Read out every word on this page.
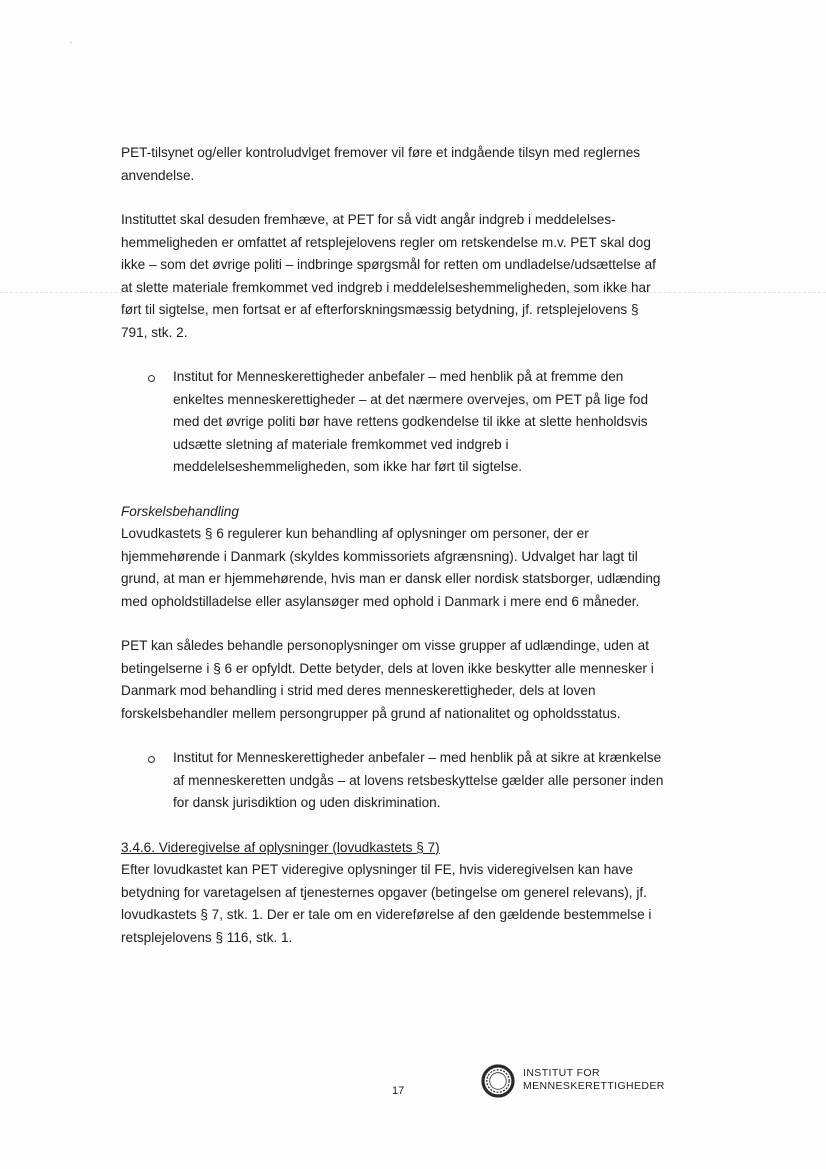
PET-tilsynet og/eller kontroludvlget fremover vil føre et indgående tilsyn med reglernes anvendelse.

Instituttet skal desuden fremhæve, at PET for så vidt angår indgreb i meddelelses-hemmeligheden er omfattet af retsplejelovens regler om retskendelse m.v. PET skal dog ikke – som det øvrige politi – indbringe spørgsmål for retten om undladelse/udsættelse af at slette materiale fremkommet ved indgreb i meddelelseshemmeligheden, som ikke har ført til sigtelse, men fortsat er af efterforskningsmæssig betydning, jf. retsplejelovens § 791, stk. 2.

Institut for Menneskerettigheder anbefaler – med henblik på at fremme den enkeltes menneskerettigheder – at det nærmere overvejes, om PET på lige fod med det øvrige politi bør have rettens godkendelse til ikke at slette henholdsvis udsætte sletning af materiale fremkommet ved indgreb i meddelelseshemmeligheden, som ikke har ført til sigtelse.
Forskelsbehandling

Lovudkastets § 6 regulerer kun behandling af oplysninger om personer, der er hjemmehørende i Danmark (skyldes kommissoriets afgrænsning). Udvalget har lagt til grund, at man er hjemmehørende, hvis man er dansk eller nordisk statsborger, udlænding med opholdstilladelse eller asylansøger med ophold i Danmark i mere end 6 måneder.

PET kan således behandle personoplysninger om visse grupper af udlændinge, uden at betingelserne i § 6 er opfyldt. Dette betyder, dels at loven ikke beskytter alle mennesker i Danmark mod behandling i strid med deres menneskerettigheder, dels at loven forskelsbehandler mellem persongrupper på grund af nationalitet og opholdsstatus.

Institut for Menneskerettigheder anbefaler – med henblik på at sikre at krænkelse af menneskeretten undgås – at lovens retsbeskyttelse gælder alle personer inden for dansk jurisdiktion og uden diskrimination.
3.4.6. Videregivelse af oplysninger (lovudkastets § 7)

Efter lovudkastet kan PET videregive oplysninger til FE, hvis videregivelsen kan have betydning for varetagelsen af tjenesternes opgaver (betingelse om generel relevans), jf. lovudkastets § 7, stk. 1. Der er tale om en videreførelse af den gældende bestemmelse i retsplejelovens § 116, stk. 1.

17
INSTITUT FOR
MENNESKERETTIGHEDER
